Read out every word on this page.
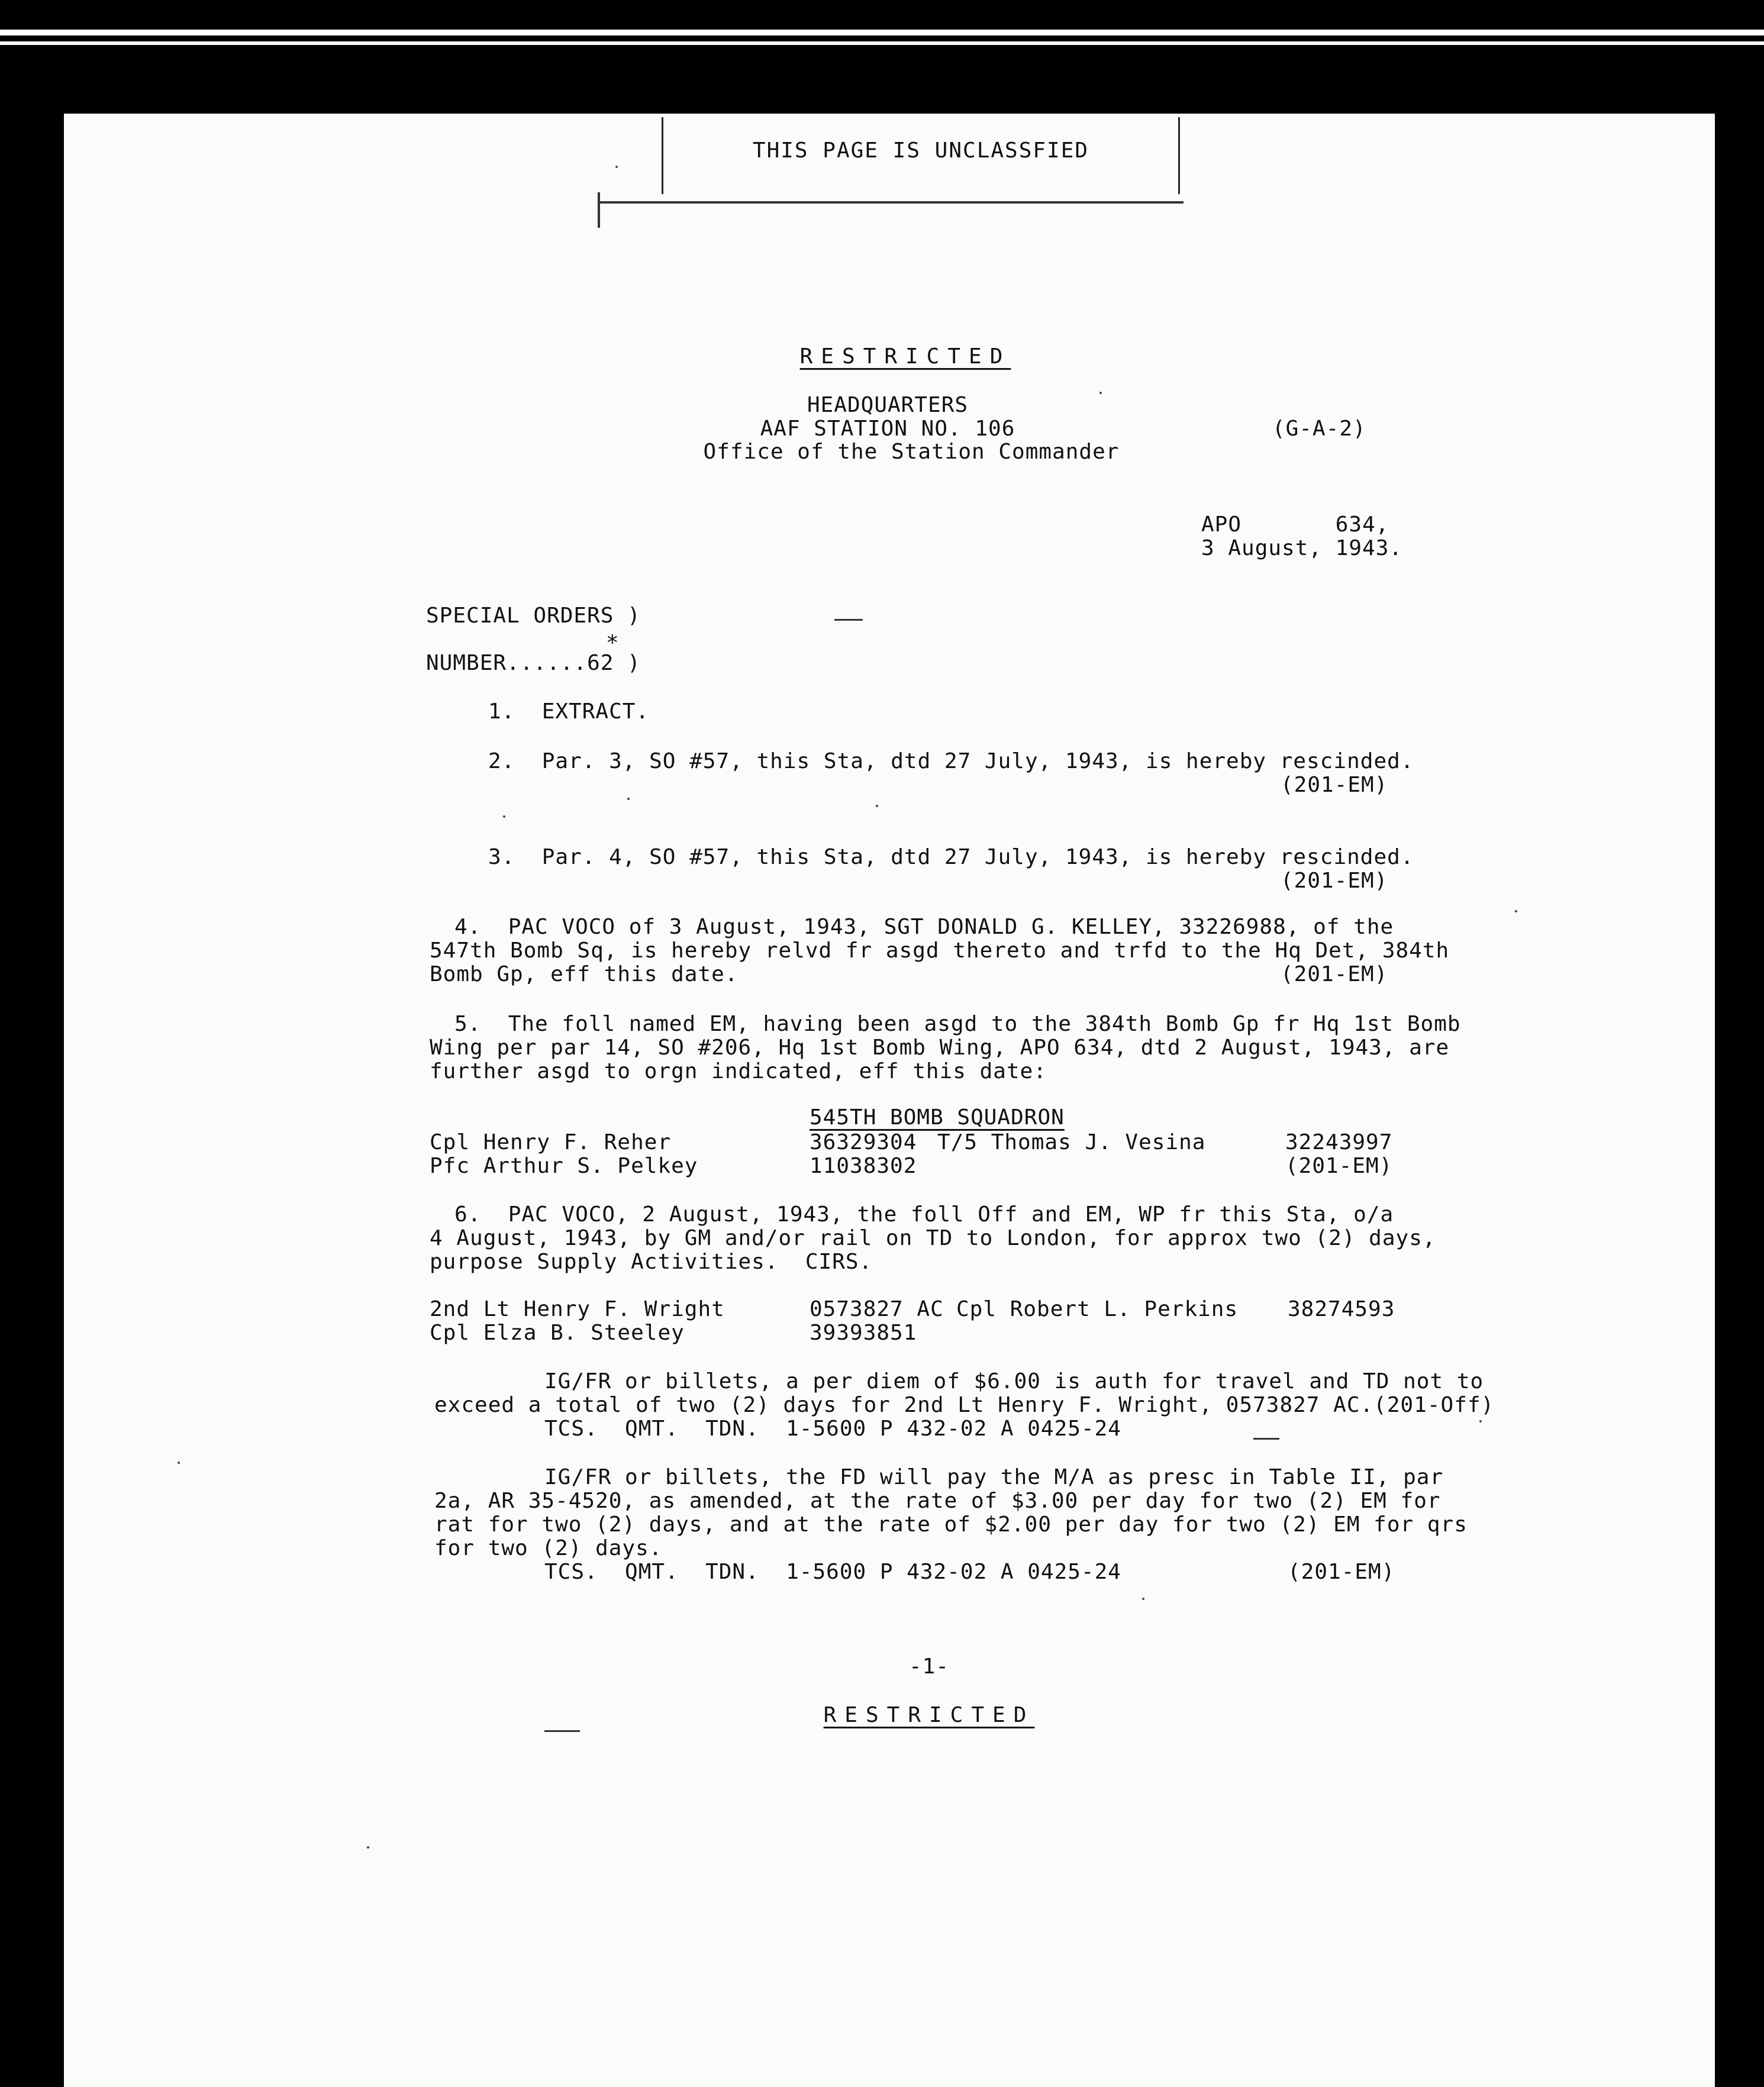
THIS PAGE IS UNCLASSFIED
RESTRICTED
HEADQUARTERS
AAF STATION NO. 106
Office of the Station Commander
(G-A-2)
APO       634,
3 August, 1943.
SPECIAL ORDERS )
*
NUMBER......62 )
1.  EXTRACT.
2.  Par. 3, SO #57, this Sta, dtd 27 July, 1943, is hereby rescinded.
(201-EM)
3.  Par. 4, SO #57, this Sta, dtd 27 July, 1943, is hereby rescinded.
(201-EM)
4.  PAC VOCO of 3 August, 1943, SGT DONALD G. KELLEY, 33226988, of the
547th Bomb Sq, is hereby relvd fr asgd thereto and trfd to the Hq Det, 384th
Bomb Gp, eff this date.	(201-EM)
5.  The foll named EM, having been asgd to the 384th Bomb Gp fr Hq 1st Bomb
Wing per par 14, SO #206, Hq 1st Bomb Wing, APO 634, dtd 2 August, 1943, are
further asgd to orgn indicated, eff this date:
545TH BOMB SQUADRON
Cpl Henry F. Reher	36329304 T/5 Thomas J. Vesina	32243997
Pfc Arthur S. Pelkey	11038302	(201-EM)
6.  PAC VOCO, 2 August, 1943, the foll Off and EM, WP fr this Sta, o/a
4 August, 1943, by GM and/or rail on TD to London, for approx two (2) days,
purpose Supply Activities.  CIRS.
2nd Lt Henry F. Wright	0573827 AC Cpl Robert L. Perkins 38274593
Cpl Elza B. Steeley	39393851
IG/FR or billets, a per diem of $6.00 is auth for travel and TD not to
exceed a total of two (2) days for 2nd Lt Henry F. Wright, 0573827 AC.(201-Off)
TCS.  QMT.  TDN.  1-5600 P 432-02 A 0425-24
IG/FR or billets, the FD will pay the M/A as presc in Table II, par
2a, AR 35-4520, as amended, at the rate of $3.00 per day for two (2) EM for
rat for two (2) days, and at the rate of $2.00 per day for two (2) EM for qrs
for two (2) days.
TCS.  QMT.  TDN.  1-5600 P 432-02 A 0425-24	(201-EM)
-1-
RESTRICTED
